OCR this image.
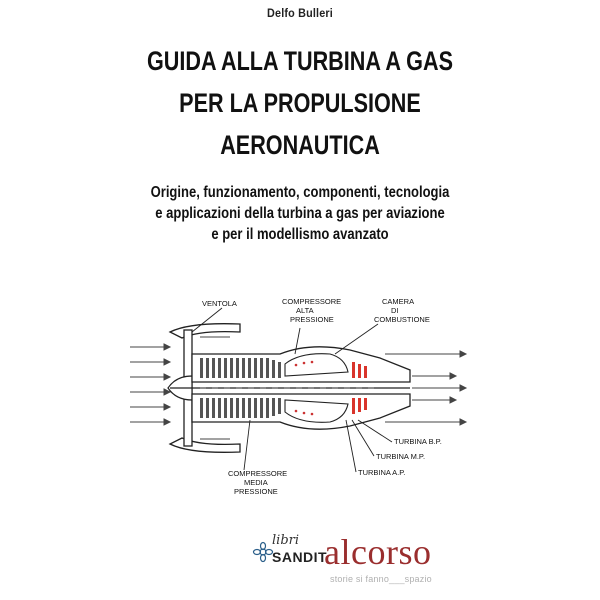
Delfo Bulleri
GUIDA ALLA TURBINA A GAS
PER LA PROPULSIONE
AERONAUTICA
Origine, funzionamento, componenti, tecnologia
e applicazioni della turbina a gas per aviazione
e per il modellismo avanzato
VENTOLA	COMPRESSORE
ALTA
PRESSIONE
CAMERA
DI
COMBUSTIONE
TURBINA B.P.
TURBINA M.P.
TURBINA A.P.
COMPRESSORE
MEDIA
PRESSIONE
libri
SANDIT
alcorso
storie si fanno___spazio
